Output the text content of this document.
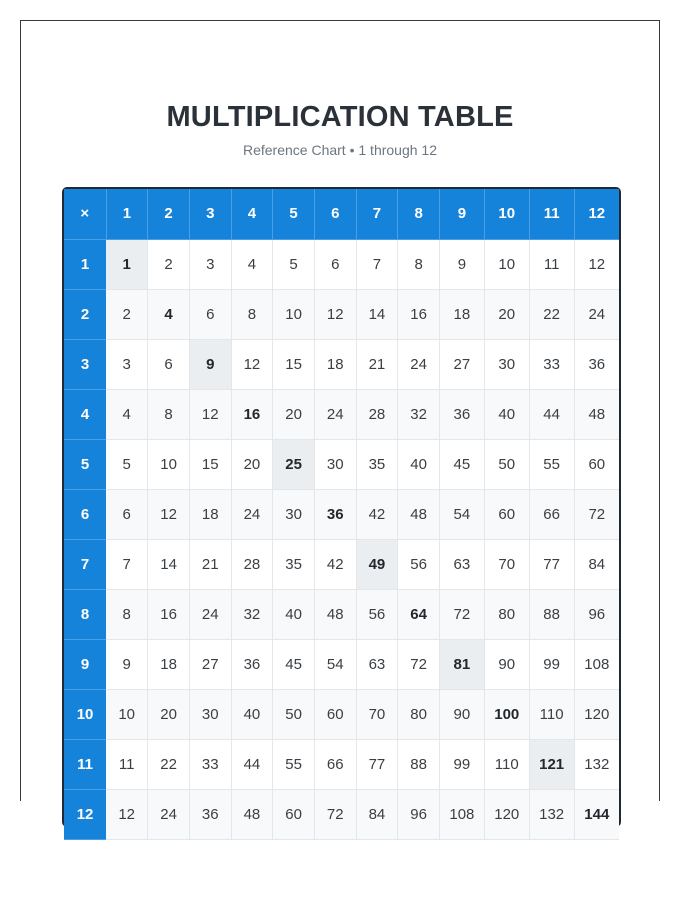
MULTIPLICATION TABLE

Reference Chart • 1 through 12

×	1	2	3	4	5	6	7	8	9	10	11	12
1	1	2	3	4	5	6	7	8	9	10	11	12
2	2	4	6	8	10	12	14	16	18	20	22	24
3	3	6	9	12	15	18	21	24	27	30	33	36
4	4	8	12	16	20	24	28	32	36	40	44	48
5	5	10	15	20	25	30	35	40	45	50	55	60
6	6	12	18	24	30	36	42	48	54	60	66	72
7	7	14	21	28	35	42	49	56	63	70	77	84
8	8	16	24	32	40	48	56	64	72	80	88	96
9	9	18	27	36	45	54	63	72	81	90	99	108
10	10	20	30	40	50	60	70	80	90	100	110	120
11	11	22	33	44	55	66	77	88	99	110	121	132
12	12	24	36	48	60	72	84	96	108	120	132	144
